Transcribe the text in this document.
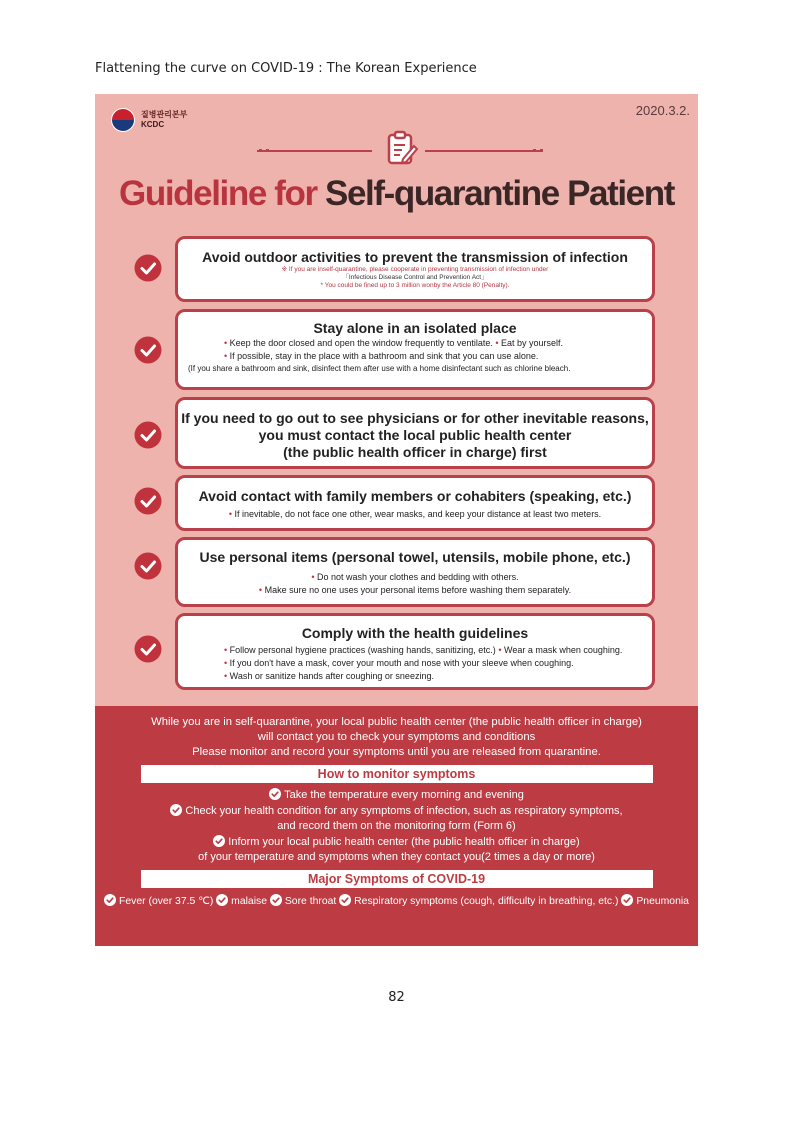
Flattening the curve on COVID-19 : The Korean Experience
질병관리본부
KCDC
2020.3.2.
Guideline for Self-quarantine Patient
Avoid outdoor activities to prevent the transmission of infection
※ If you are inself-quarantine, please cooperate in preventing transmission of infection under
「Infectious Disease Control and Prevention Act」
* You could be fined up to 3 million wonby the Article 80 (Penalty).
Stay alone in an isolated place
• Keep the door closed and open the window frequently to ventilate. • Eat by yourself.
• If possible, stay in the place with a bathroom and sink that you can use alone.
(If you share a bathroom and sink, disinfect them after use with a home disinfectant such as chlorine bleach.
If you need to go out to see physicians or for other inevitable reasons,
you must contact the local public health center
(the public health officer in charge) first
Avoid contact with family members or cohabiters (speaking, etc.)
• If inevitable, do not face one other, wear masks, and keep your distance at least two meters.
Use personal items (personal towel, utensils, mobile phone, etc.)
• Do not wash your clothes and bedding with others.
• Make sure no one uses your personal items before washing them separately.
Comply with the health guidelines
• Follow personal hygiene practices (washing hands, sanitizing, etc.) • Wear a mask when coughing.
• If you don't have a mask, cover your mouth and nose with your sleeve when coughing.
• Wash or sanitize hands after coughing or sneezing.
While you are in self-quarantine, your local public health center (the public health officer in charge)
will contact you to check your symptoms and conditions
Please monitor and record your symptoms until you are released from quarantine.
How to monitor symptoms
Take the temperature every morning and evening
Check your health condition for any symptoms of infection, such as respiratory symptoms,
and record them on the monitoring form (Form 6)
Inform your local public health center (the public health officer in charge)
of your temperature and symptoms when they contact you(2 times a day or more)
Major Symptoms of COVID-19
Fever (over 37.5 ℃) malaise Sore throat Respiratory symptoms (cough, difficulty in breathing, etc.) Pneumonia
82
